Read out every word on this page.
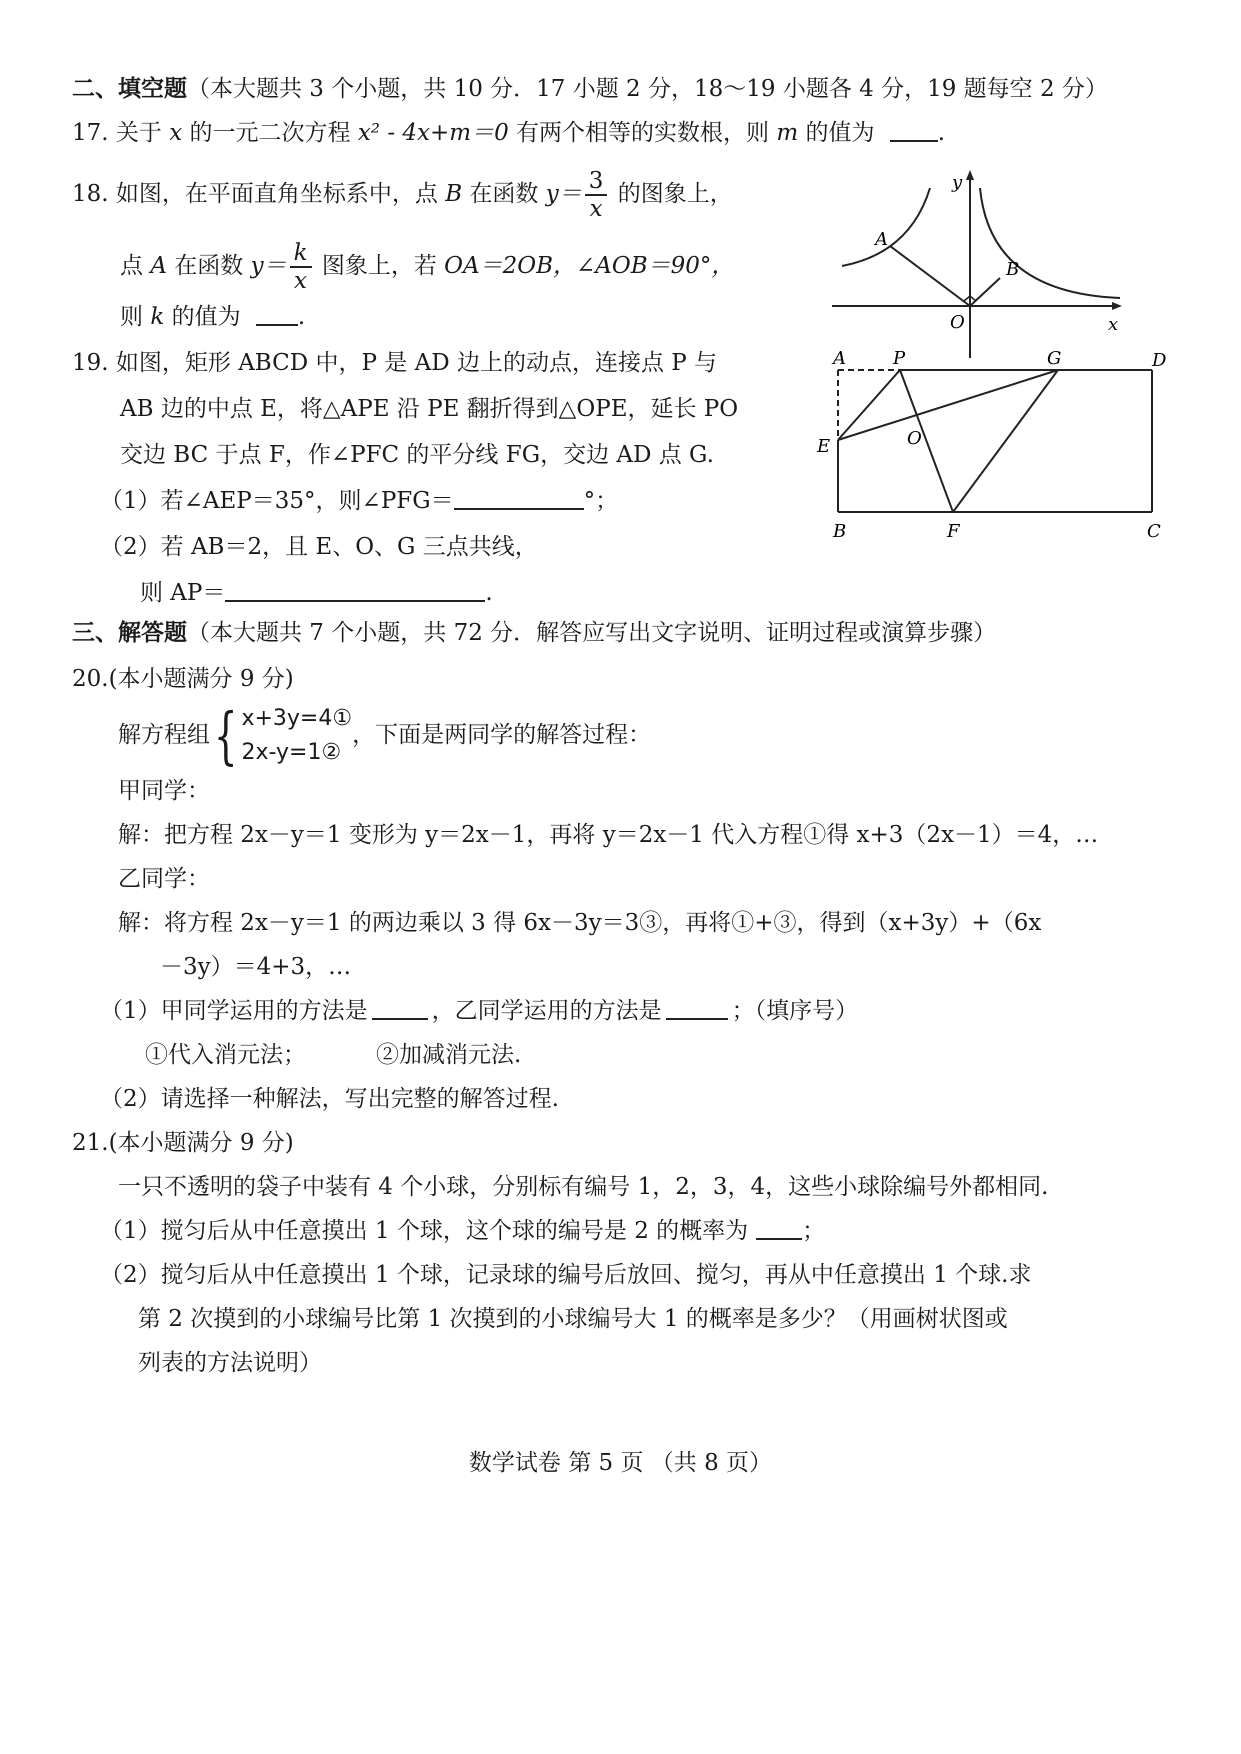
二、填空题（本大题共 3 个小题，共 10 分．17 小题 2 分，18～19 小题各 4 分，19 题每空 2 分）
17. 关于 x 的一元二次方程 x² - 4x+m＝0 有两个相等的实数根，则 m 的值为	.
18. 如图，在平面直角坐标系中，点 B 在函数 $y= \frac{3}{x}$ 的图象上，
点 A 在函数 $y= \frac{k}{x}$ 图象上，若 OA＝2OB，∠AOB＝90°，
则 k 的值为 .
y
x
O
A
B
19. 如图，矩形 ABCD 中，P 是 AD 边上的动点，连接点 P 与
AB 边的中点 E，将△APE 沿 PE 翻折得到△OPE，延长 PO
交边 BC 于点 F，作∠PFC 的平分线 FG，交边 AD 点 G.
（1）若∠AEP＝35°，则∠PFG＝	°；
（2）若 AB＝2，且 E、O、G 三点共线，
则 AP＝	.
A	P	G	D
E	O
B	F	C
三、解答题（本大题共 7 个小题，共 72 分．解答应写出文字说明、证明过程或演算步骤）
20.(本小题满分 9 分)
解方程组{ x+3y=4①
2x-y=1②
，下面是两同学的解答过程：
甲同学：
解：把方程 2x－y＝1 变形为 y＝2x－1，再将 y＝2x－1 代入方程①得 x+3（2x－1）＝4，…
乙同学：
解：将方程 2x－y＝1 的两边乘以 3 得 6x－3y＝3③，再将①+③，得到（x+3y）+（6x
－3y）＝4+3，…
（1）甲同学运用的方法是	，乙同学运用的方法是	；（填序号）
①代入消元法；	②加减消元法.
（2）请选择一种解法，写出完整的解答过程.
21.(本小题满分 9 分)
一只不透明的袋子中装有 4 个小球，分别标有编号 1，2，3，4，这些小球除编号外都相同.
（1）搅匀后从中任意摸出 1 个球，这个球的编号是 2 的概率为 ；
（2）搅匀后从中任意摸出 1 个球，记录球的编号后放回、搅匀，再从中任意摸出 1 个球.求
第 2 次摸到的小球编号比第 1 次摸到的小球编号大 1 的概率是多少？（用画树状图或
列表的方法说明）
数学试卷 第 5 页 （共 8 页）
